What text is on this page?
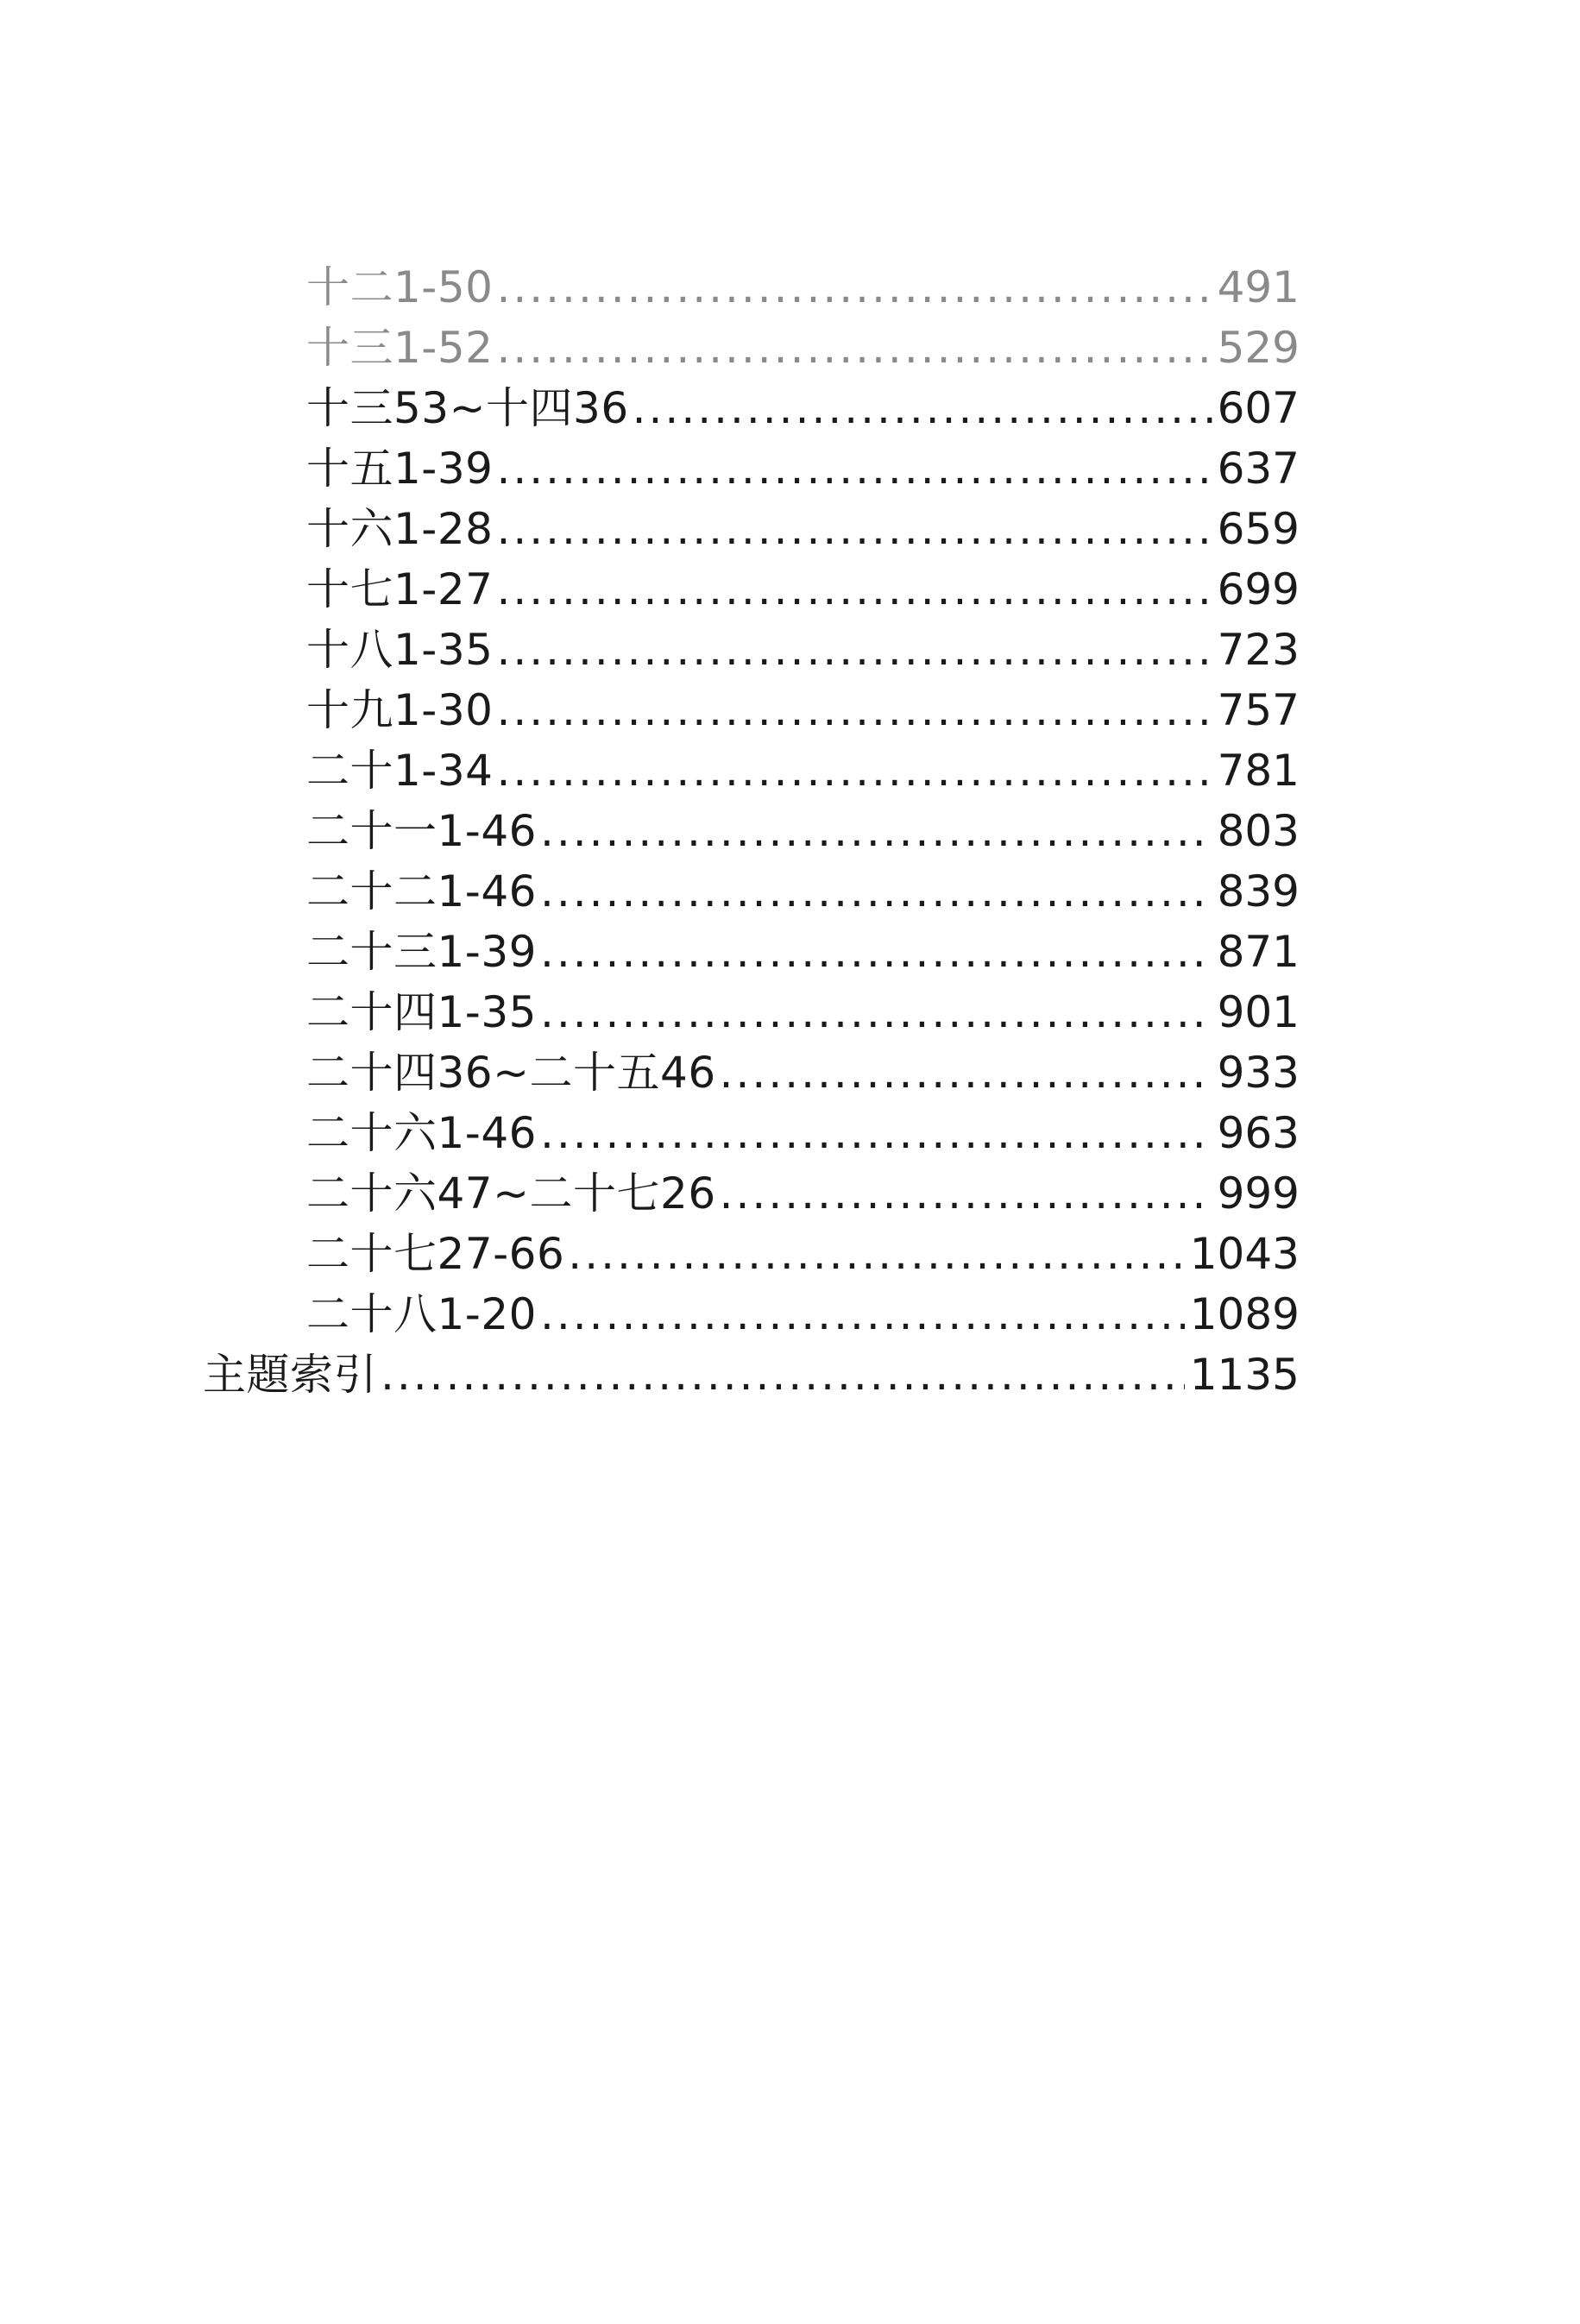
十二1-50 .....	491
十三1-52 .....	529
十三53~十四36 .....	607
十五1-39 .....	637
十六1-28 .....	659
十七1-27 .....	699
十八1-35 .....	723
十九1-30 .....	757
二十1-34 .....	781
二十一1-46 .....	803
二十二1-46 .....	839
二十三1-39 .....	871
二十四1-35 .....	901
二十四36~二十五46 .....	933
二十六1-46 .....	963
二十六47~二十七26 .....	999
二十七27-66 .....	1043
二十八1-20 .....	1089
主題索引 .....	1135
